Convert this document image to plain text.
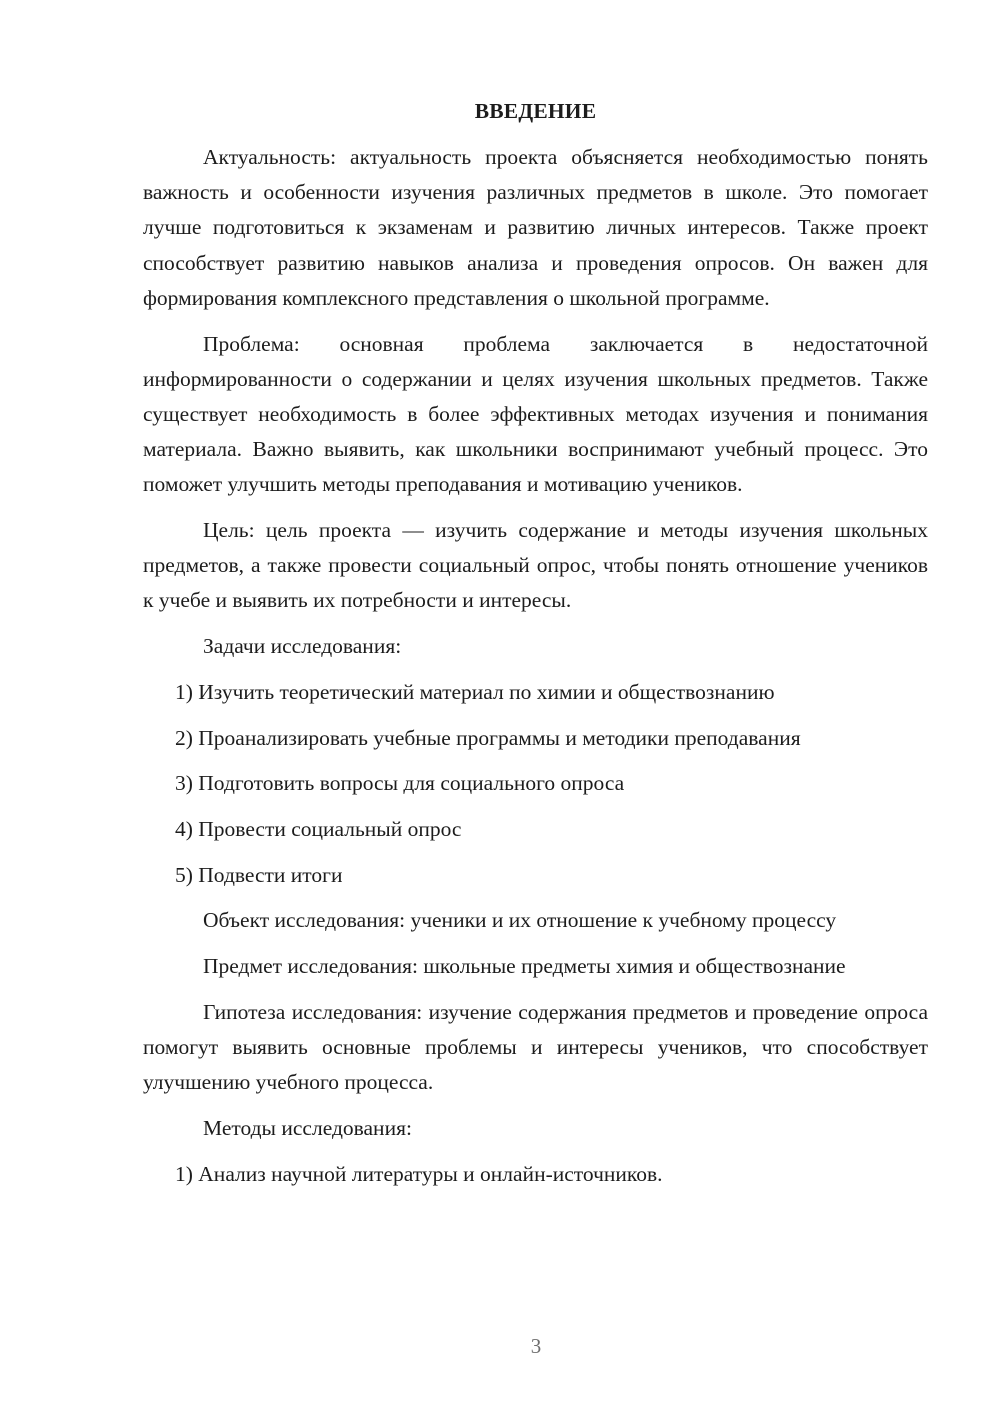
ВВЕДЕНИЕ

Актуальность: актуальность проекта объясняется необходимостью понять важность и особенности изучения различных предметов в школе. Это помогает лучше подготовиться к экзаменам и развитию личных интересов. Также проект способствует развитию навыков анализа и проведения опросов. Он важен для формирования комплексного представления о школьной программе.

Проблема: основная проблема заключается в недостаточной информированности о содержании и целях изучения школьных предметов. Также существует необходимость в более эффективных методах изучения и понимания материала. Важно выявить, как школьники воспринимают учебный процесс. Это поможет улучшить методы преподавания и мотивацию учеников.

Цель: цель проекта — изучить содержание и методы изучения школьных предметов, а также провести социальный опрос, чтобы понять отношение учеников к учебе и выявить их потребности и интересы.

Задачи исследования:

1) Изучить теоретический материал по химии и обществознанию

2) Проанализировать учебные программы и методики преподавания

3) Подготовить вопросы для социального опроса

4) Провести социальный опрос

5) Подвести итоги

Объект исследования: ученики и их отношение к учебному процессу

Предмет исследования: школьные предметы химия и обществознание

Гипотеза исследования: изучение содержания предметов и проведение опроса помогут выявить основные проблемы и интересы учеников, что способствует улучшению учебного процесса.

Методы исследования:

1) Анализ научной литературы и онлайн-источников.

3
